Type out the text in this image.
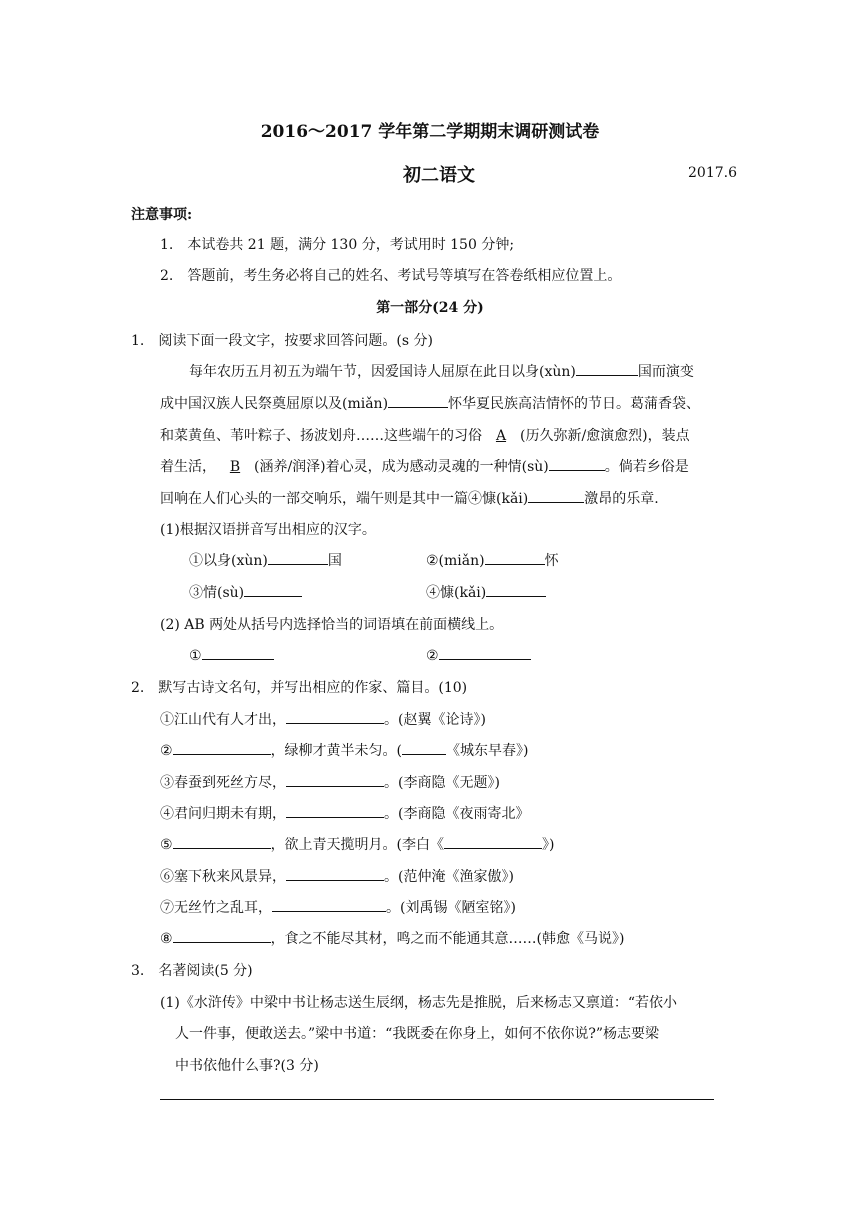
2016～2017 学年第二学期期末调研测试卷
初二语文	2017.6
注意事项:
1.　本试卷共 21 题，满分 130 分，考试用时 150 分钟;
2.　答题前，考生务必将自己的姓名、考试号等填写在答卷纸相应位置上。
第一部分(24 分)
1.　阅读下面一段文字，按要求回答问题。(s 分)
每年农历五月初五为端午节，因爱国诗人屈原在此日以身(xùn)	国而演变
成中国汉族人民祭奠屈原以及(miǎn)	怀华夏民族高洁情怀的节日。葛蒲香袋、
和菜黄鱼、苇叶粽子、扬波划舟……这些端午的习俗 A (历久弥新/愈演愈烈)，装点
着生活， B (涵养/润泽)着心灵，成为感动灵魂的一种情(sù)	。倘若乡俗是
回响在人们心头的一部交响乐，端午则是其中一篇④慷(kǎi)	激昂的乐章.
(1)根据汉语拼音写出相应的汉字。
①以身(xùn)	国	②(miǎn)	怀
③情(sù)	④慷(kǎi)
(2) AB 两处从括号内选择恰当的词语填在前面横线上。
①	②
2.　默写古诗文名句，并写出相应的作家、篇目。(10)
①江山代有人才出，	。(赵翼《论诗》)
②	，绿柳才黄半未匀。(	《城东早春》)
③春蚕到死丝方尽，	。(李商隐《无题》)
④君问归期未有期，	。(李商隐《夜雨寄北》
⑤	，欲上青天揽明月。(李白《	》)
⑥塞下秋来风景异，	。(范仲淹《渔家傲》)
⑦无丝竹之乱耳，	。(刘禹锡《陋室铭》)
⑧	，食之不能尽其材，鸣之而不能通其意……(韩愈《马说》)
3.　名著阅读(5 分)
(1)《水浒传》中梁中书让杨志送生辰纲，杨志先是推脱，后来杨志又禀道：“若依小
人一件事，便敢送去。”梁中书道：“我既委在你身上，如何不依你说?”杨志要梁
中书依他什么事?(3 分)
